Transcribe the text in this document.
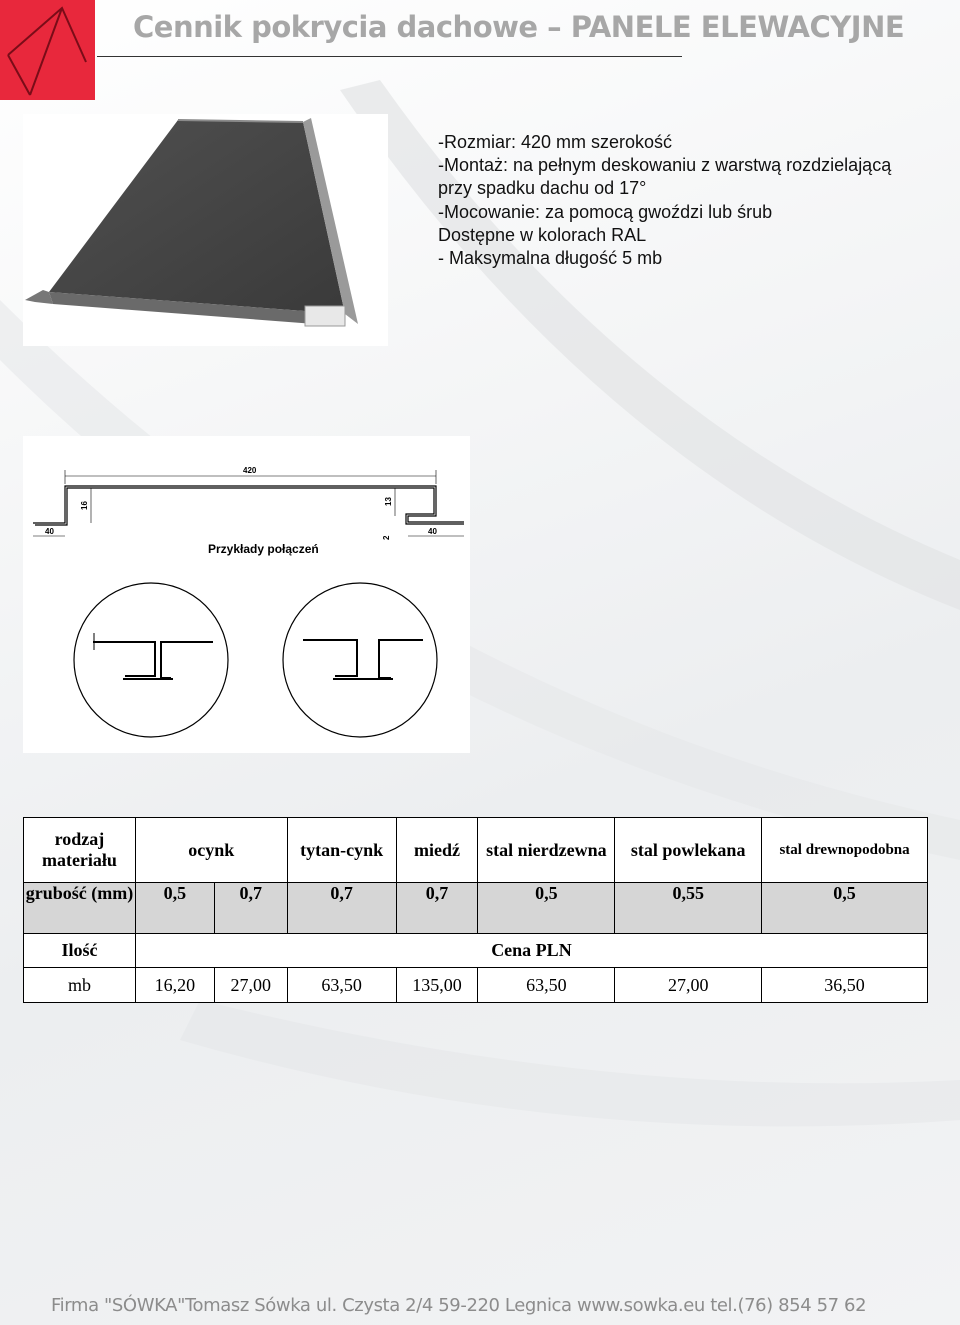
Cennik pokrycia dachowe – PANELE ELEWACYJNE
-Rozmiar: 420 mm szerokość
-Montaż: na pełnym deskowaniu z warstwą rozdzielającą
przy spadku dachu od 17°
-Mocowanie: za pomocą gwoździ lub śrub
Dostępne w kolorach RAL
- Maksymalna długość 5 mb
420
16	13
40	40
2
Przykłady połączeń
rodzaj materiału	ocynk		tytan-cynk	miedź	stal nierdzewna	stal powlekana	stal drewnopodobna
grubość (mm)	0,5	0,7	0,7	0,7	0,5	0,55	0,5
Ilość	Cena PLN						
mb	16,20	27,00	63,50	135,00	63,50	27,00	36,50

Firma "SÓWKA"Tomasz Sówka ul. Czysta 2/4 59-220 Legnica www.sowka.eu tel.(76) 854 57 62
